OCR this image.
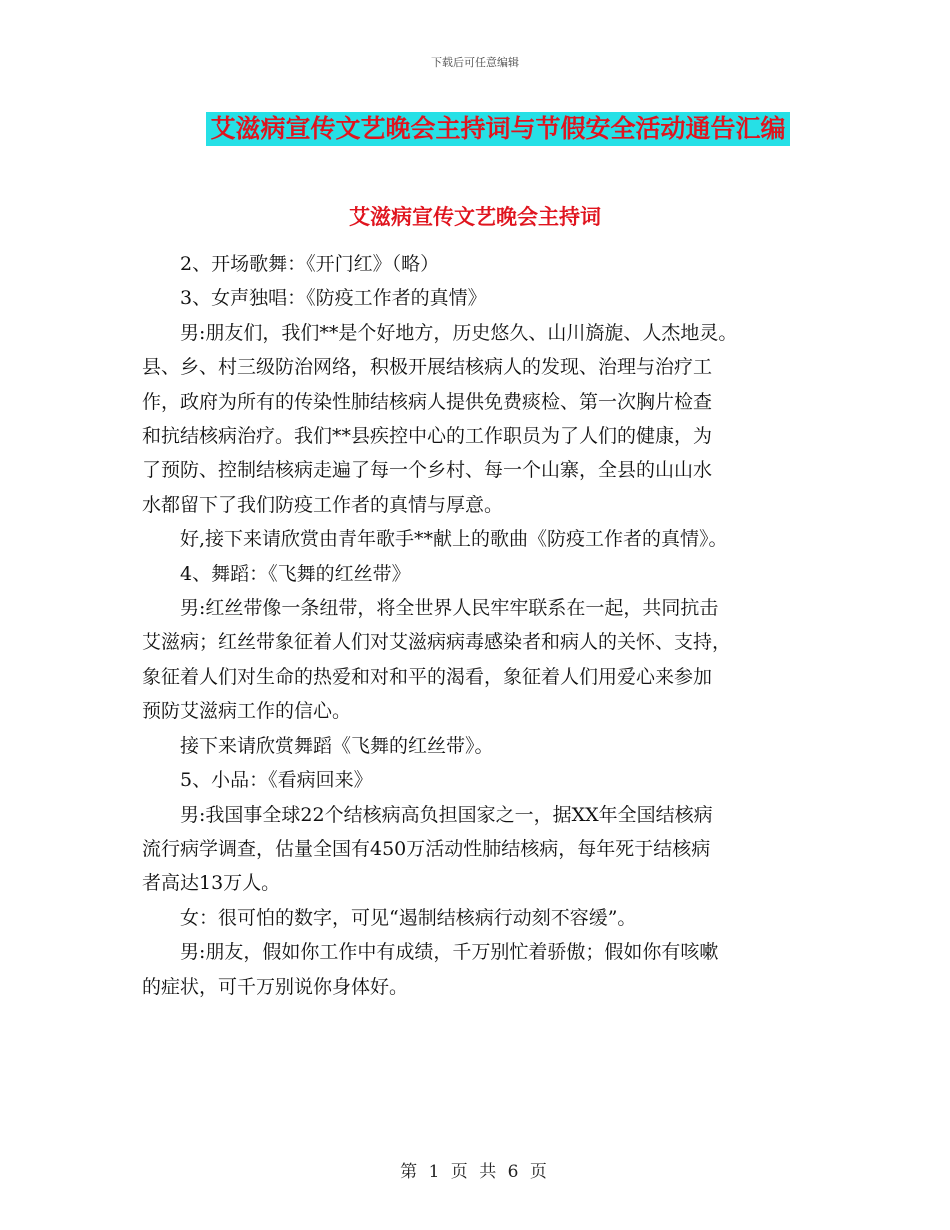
下载后可任意编辑
艾滋病宣传文艺晚会主持词与节假安全活动通告汇编
艾滋病宣传文艺晚会主持词

2、开场歌舞：《开门红》（略）

3、女声独唱：《防疫工作者的真情》

男:朋友们，我们**是个好地方，历史悠久、山川旖旎、人杰地灵。
县、乡、村三级防治网络，积极开展结核病人的发现、治理与治疗工
作，政府为所有的传染性肺结核病人提供免费痰检、第一次胸片检查
和抗结核病治疗。我们**县疾控中心的工作职员为了人们的健康，为
了预防、控制结核病走遍了每一个乡村、每一个山寨，全县的山山水
水都留下了我们防疫工作者的真情与厚意。

好,接下来请欣赏由青年歌手**献上的歌曲《防疫工作者的真情》。

4、舞蹈：《飞舞的红丝带》

男:红丝带像一条纽带，将全世界人民牢牢联系在一起，共同抗击
艾滋病；红丝带象征着人们对艾滋病病毒感染者和病人的关怀、支持，
象征着人们对生命的热爱和对和平的渴看，象征着人们用爱心来参加
预防艾滋病工作的信心。

接下来请欣赏舞蹈《飞舞的红丝带》。

5、小品：《看病回来》

男:我国事全球22个结核病高负担国家之一，据XX年全国结核病
流行病学调查，估量全国有450万活动性肺结核病，每年死于结核病
者高达13万人。

女：很可怕的数字，可见“遏制结核病行动刻不容缓”。

男:朋友，假如你工作中有成绩，千万别忙着骄傲；假如你有咳嗽
的症状，可千万别说你身体好。

第 1 页 共 6 页
